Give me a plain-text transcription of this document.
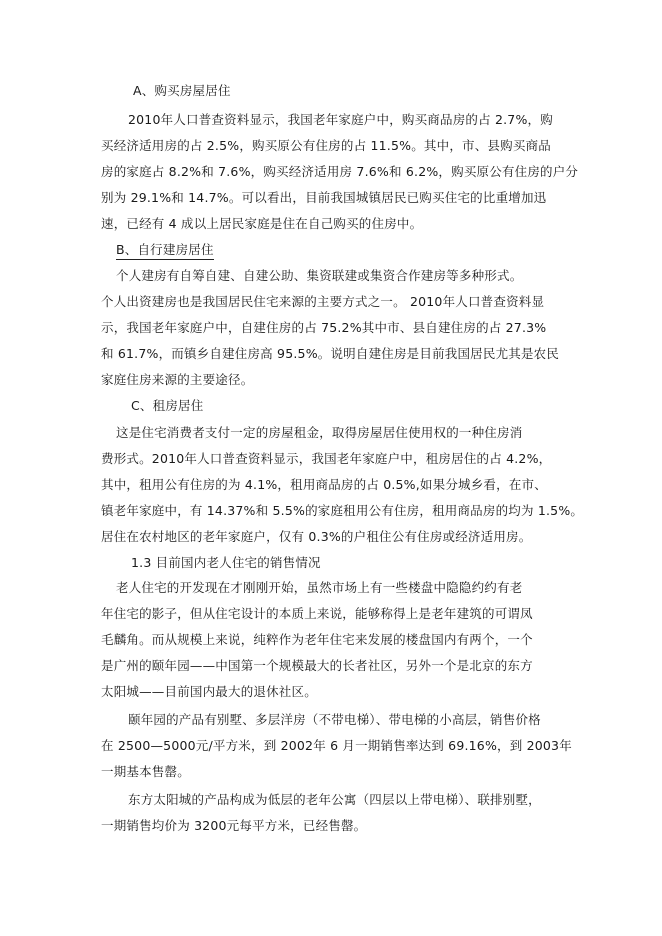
A、购买房屋居住
2010年人口普查资料显示，我国老年家庭户中，购买商品房的占 2.7%，购
买经济适用房的占 2.5%，购买原公有住房的占 11.5%。其中，市、县购买商品
房的家庭占 8.2%和 7.6%，购买经济适用房 7.6%和 6.2%，购买原公有住房的户分
别为 29.1%和 14.7%。可以看出，目前我国城镇居民已购买住宅的比重增加迅
速，已经有 4 成以上居民家庭是住在自己购买的住房中。
B、自行建房居住
个人建房有自筹自建、自建公助、集资联建或集资合作建房等多种形式。
个人出资建房也是我国居民住宅来源的主要方式之一。 2010年人口普查资料显
示，我国老年家庭户中，自建住房的占 75.2%其中市、县自建住房的占 27.3%
和 61.7%，而镇乡自建住房高 95.5%。说明自建住房是目前我国居民尤其是农民
家庭住房来源的主要途径。
C、租房居住
这是住宅消费者支付一定的房屋租金，取得房屋居住使用权的一种住房消
费形式。2010年人口普查资料显示，我国老年家庭户中，租房居住的占 4.2%，
其中，租用公有住房的为 4.1%，租用商品房的占 0.5%,如果分城乡看，在市、
镇老年家庭中，有 14.37%和 5.5%的家庭租用公有住房，租用商品房的均为 1.5%。
居住在农村地区的老年家庭户，仅有 0.3%的户租住公有住房或经济适用房。
1.3 目前国内老人住宅的销售情况
老人住宅的开发现在才刚刚开始，虽然市场上有一些楼盘中隐隐约约有老
年住宅的影子，但从住宅设计的本质上来说，能够称得上是老年建筑的可谓凤
毛麟角。而从规模上来说，纯粹作为老年住宅来发展的楼盘国内有两个，一个
是广州的颐年园——中国第一个规模最大的长者社区，另外一个是北京的东方
太阳城——目前国内最大的退休社区。
颐年园的产品有别墅、多层洋房（不带电梯）、带电梯的小高层，销售价格
在 2500—5000元/平方米，到 2002年 6 月一期销售率达到 69.16%，到 2003年
一期基本售罄。
东方太阳城的产品构成为低层的老年公寓（四层以上带电梯）、联排别墅，
一期销售均价为 3200元每平方米，已经售罄。
